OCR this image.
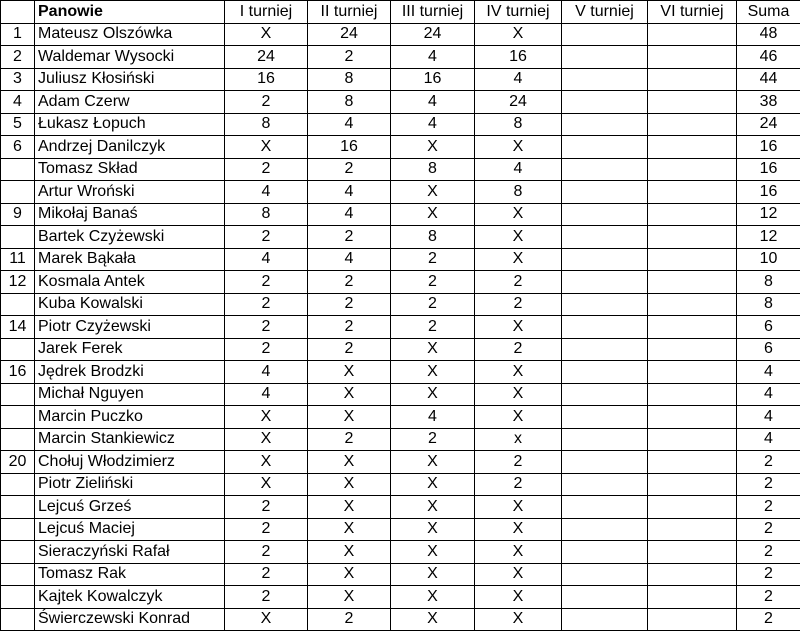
	Panowie	I turniej	II turniej	III turniej	IV turniej	V turniej	VI turniej	Suma
1	Mateusz Olszówka	X	24	24	X			48
2	Waldemar Wysocki	24	2	4	16			46
3	Juliusz Kłosiński	16	8	16	4			44
4	Adam Czerw	2	8	4	24			38
5	Łukasz Łopuch	8	4	4	8			24
6	Andrzej Danilczyk	X	16	X	X			16
	Tomasz Skład	2	2	8	4			16
	Artur Wroński	4	4	X	8			16
9	Mikołaj Banaś	8	4	X	X			12
	Bartek Czyżewski	2	2	8	X			12
11	Marek Bąkała	4	4	2	X			10
12	Kosmala Antek	2	2	2	2			8
	Kuba Kowalski	2	2	2	2			8
14	Piotr Czyżewski	2	2	2	X			6
	Jarek Ferek	2	2	X	2			6
16	Jędrek Brodzki	4	X	X	X			4
	Michał Nguyen	4	X	X	X			4
	Marcin Puczko	X	X	4	X			4
	Marcin Stankiewicz	X	2	2	x			4
20	Chołuj Włodzimierz	X	X	X	2			2
	Piotr Zieliński	X	X	X	2			2
	Lejcuś Grześ	2	X	X	X			2
	Lejcuś Maciej	2	X	X	X			2
	Sieraczyński Rafał	2	X	X	X			2
	Tomasz Rak	2	X	X	X			2
	Kajtek Kowalczyk	2	X	X	X			2
	Świerczewski Konrad	X	2	X	X			2
